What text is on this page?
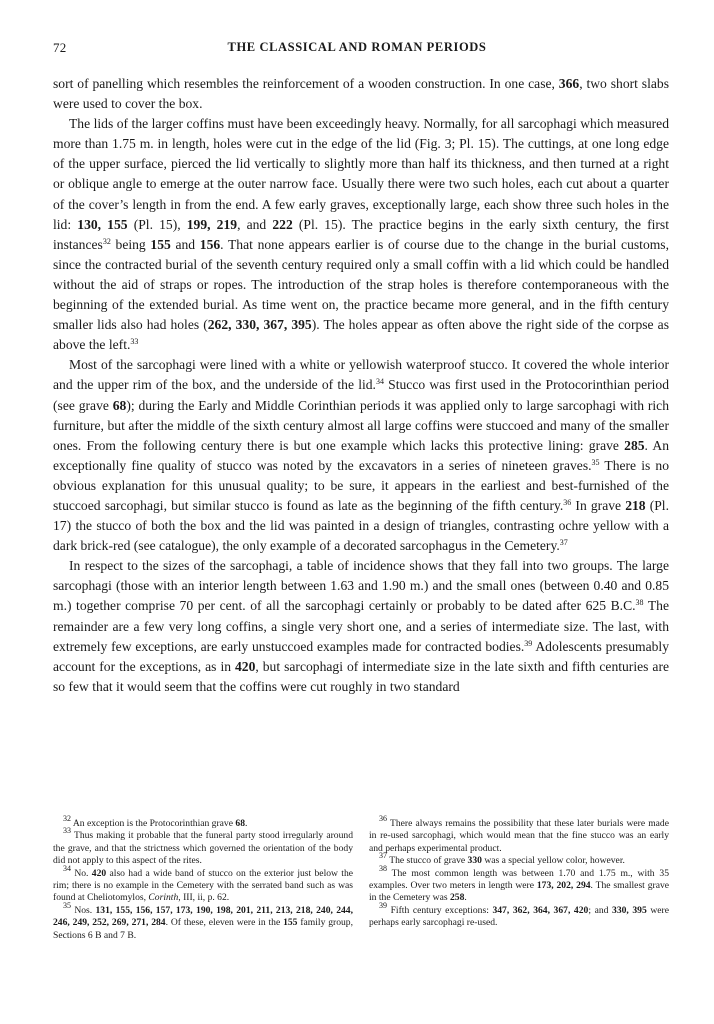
72	THE CLASSICAL AND ROMAN PERIODS

sort of panelling which resembles the reinforcement of a wooden construction. In one case, 366, two short slabs were used to cover the box.

The lids of the larger coffins must have been exceedingly heavy. Normally, for all sarcophagi which measured more than 1.75 m. in length, holes were cut in the edge of the lid (Fig. 3; Pl. 15). The cuttings, at one long edge of the upper surface, pierced the lid vertically to slightly more than half its thickness, and then turned at a right or oblique angle to emerge at the outer narrow face. Usually there were two such holes, each cut about a quarter of the cover’s length in from the end. A few early graves, exceptionally large, each show three such holes in the lid: 130, 155 (Pl. 15), 199, 219, and 222 (Pl. 15). The practice begins in the early sixth century, the first instances$^{32}$ being 155 and 156. That none appears earlier is of course due to the change in the burial customs, since the contracted burial of the seventh century required only a small coffin with a lid which could be handled without the aid of straps or ropes. The introduction of the strap holes is therefore contemporaneous with the beginning of the extended burial. As time went on, the practice became more general, and in the fifth century smaller lids also had holes (262, 330, 367, 395). The holes appear as often above the right side of the corpse as above the left.$^{33}$

Most of the sarcophagi were lined with a white or yellowish waterproof stucco. It covered the whole interior and the upper rim of the box, and the underside of the lid.$^{34}$ Stucco was first used in the Protocorinthian period (see grave 68); during the Early and Middle Corinthian periods it was applied only to large sarcophagi with rich furniture, but after the middle of the sixth century almost all large coffins were stuccoed and many of the smaller ones. From the following century there is but one example which lacks this protective lining: grave 285. An exceptionally fine quality of stucco was noted by the excavators in a series of nineteen graves.$^{35}$ There is no obvious explanation for this unusual quality; to be sure, it appears in the earliest and best-furnished of the stuccoed sarcophagi, but similar stucco is found as late as the beginning of the fifth century.$^{36}$ In grave 218 (Pl. 17) the stucco of both the box and the lid was painted in a design of triangles, contrasting ochre yellow with a dark brick-red (see catalogue), the only example of a decorated sarcophagus in the Cemetery.$^{37}$

In respect to the sizes of the sarcophagi, a table of incidence shows that they fall into two groups. The large sarcophagi (those with an interior length between 1.63 and 1.90 m.) and the small ones (between 0.40 and 0.85 m.) together comprise 70 per cent. of all the sarcophagi certainly or probably to be dated after 625 B.C.$^{38}$ The remainder are a few very long coffins, a single very short one, and a series of intermediate size. The last, with extremely few exceptions, are early unstuccoed examples made for contracted bodies.$^{39}$ Adolescents presumably account for the exceptions, as in 420, but sarcophagi of intermediate size in the late sixth and fifth centuries are so few that it would seem that the coffins were cut roughly in two standard

$^{32}$ An exception is the Protocorinthian grave 68.

$^{33}$ Thus making it probable that the funeral party stood irregularly around the grave, and that the strictness which governed the orientation of the body did not apply to this aspect of the rites.

$^{34}$ No. 420 also had a wide band of stucco on the exterior just below the rim; there is no example in the Cemetery with the serrated band such as was found at Cheliotomylos, Corinth, III, ii, p. 62.

$^{35}$ Nos. 131, 155, 156, 157, 173, 190, 198, 201, 211, 213, 218, 240, 244, 246, 249, 252, 269, 271, 284. Of these, eleven were in the 155 family group, Sections 6 B and 7 B.

$^{36}$ There always remains the possibility that these later burials were made in re-used sarcophagi, which would mean that the fine stucco was an early and perhaps experimental product.

$^{37}$ The stucco of grave 330 was a special yellow color, however.

$^{38}$ The most common length was between 1.70 and 1.75 m., with 35 examples. Over two meters in length were 173, 202, 294. The smallest grave in the Cemetery was 258.

$^{39}$ Fifth century exceptions: 347, 362, 364, 367, 420; and 330, 395 were perhaps early sarcophagi re-used.
